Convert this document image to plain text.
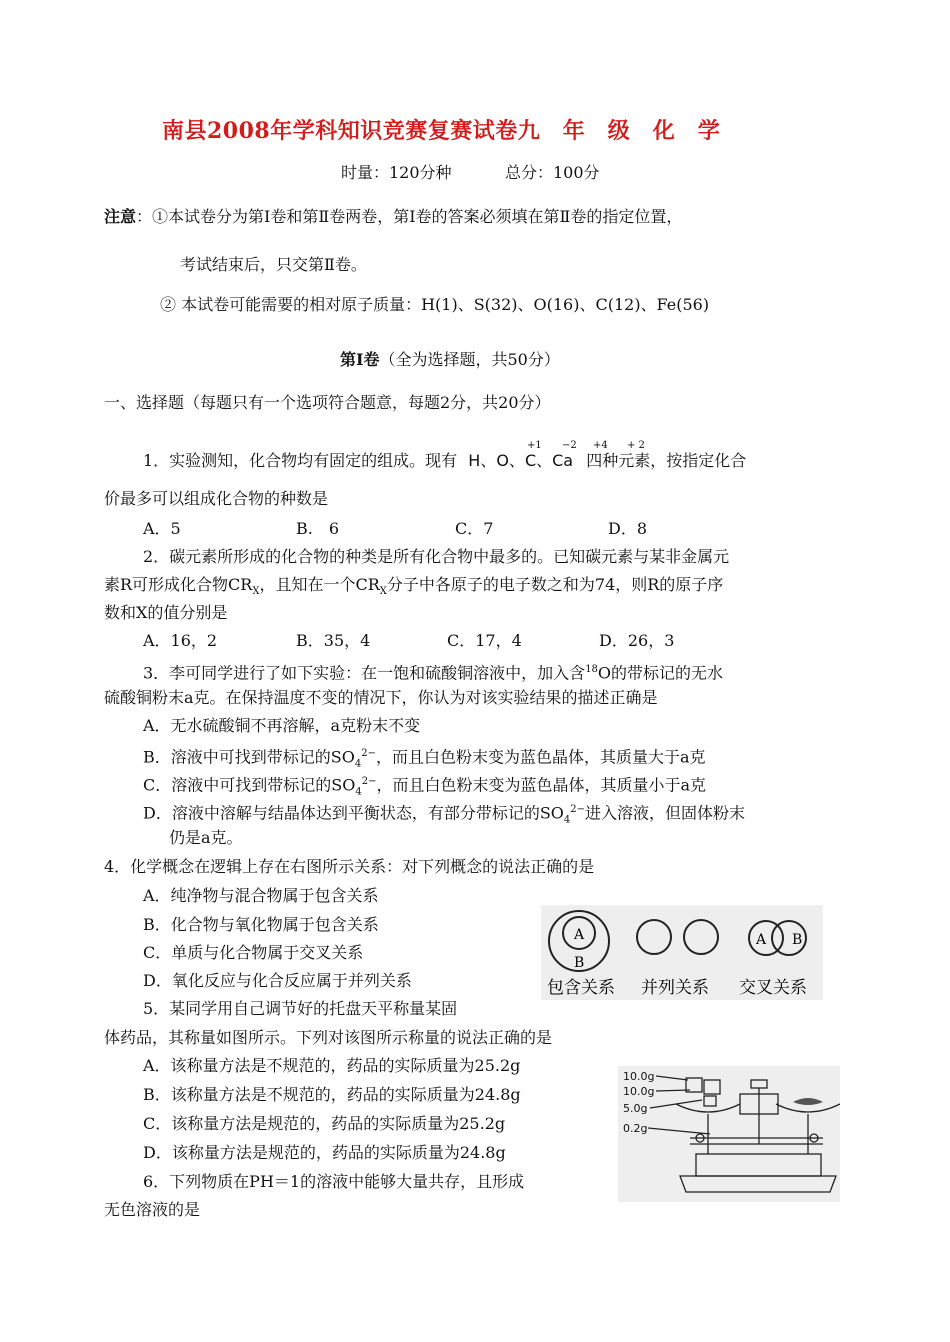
南县2008年学科知识竞赛复赛试卷九　年　级　化　学
时量：120分种	总分：100分
注意：①本试卷分为第Ⅰ卷和第Ⅱ卷两卷，第Ⅰ卷的答案必须填在第Ⅱ卷的指定位置，
考试结束后，只交第Ⅱ卷。
② 本试卷可能需要的相对原子质量：H(1)、S(32)、O(16)、C(12)、Fe(56)
第Ⅰ卷（全为选择题，共50分）
一、选择题（每题只有一个选项符合题意，每题2分，共20分）
1．实验测知，化合物均有固定的组成。现有 H、O、C、Ca 四种元素，按指定化合
+1 −2 +4 + 2
价最多可以组成化合物的种数是
A．5	B.　6	C．7	D．8
2．碳元素所形成的化合物的种类是所有化合物中最多的。已知碳元素与某非金属元
素R可形成化合物$CR_X$，且知在一个$CR_X$分子中各原子的电子数之和为74，则R的原子序
数和X的值分别是
A．16，2	B．35，4	C．17，4	D．26，3
3．李可同学进行了如下实验：在一饱和硫酸铜溶液中，加入含$^{18}$O的带标记的无水
硫酸铜粉末a克。在保持温度不变的情况下，你认为对该实验结果的描述正确是
A．无水硫酸铜不再溶解，a克粉末不变
B．溶液中可找到带标记的$SO_4^{2-}$，而且白色粉末变为蓝色晶体，其质量大于a克
C．溶液中可找到带标记的$SO_4^{2-}$，而且白色粉末变为蓝色晶体，其质量小于a克
D．溶液中溶解与结晶体达到平衡状态，有部分带标记的$SO_4^{2-}$进入溶液，但固体粉末
仍是a克。
4．化学概念在逻辑上存在右图所示关系：对下列概念的说法正确的是
A．纯净物与混合物属于包含关系
B．化合物与氧化物属于包含关系
C．单质与化合物属于交叉关系
D．氧化反应与化合反应属于并列关系
A
B
A B
包含关系 并列关系 交叉关系
5．某同学用自己调节好的托盘天平称量某固
体药品，其称量如图所示。下列对该图所示称量的说法正确的是
A．该称量方法是不规范的，药品的实际质量为25.2g
B．该称量方法是不规范的，药品的实际质量为24.8g
C．该称量方法是规范的，药品的实际质量为25.2g
D．该称量方法是规范的，药品的实际质量为24.8g
10.0g
10.0g
5.0g
0.2g
6．下列物质在PH＝1的溶液中能够大量共存，且形成
无色溶液的是
